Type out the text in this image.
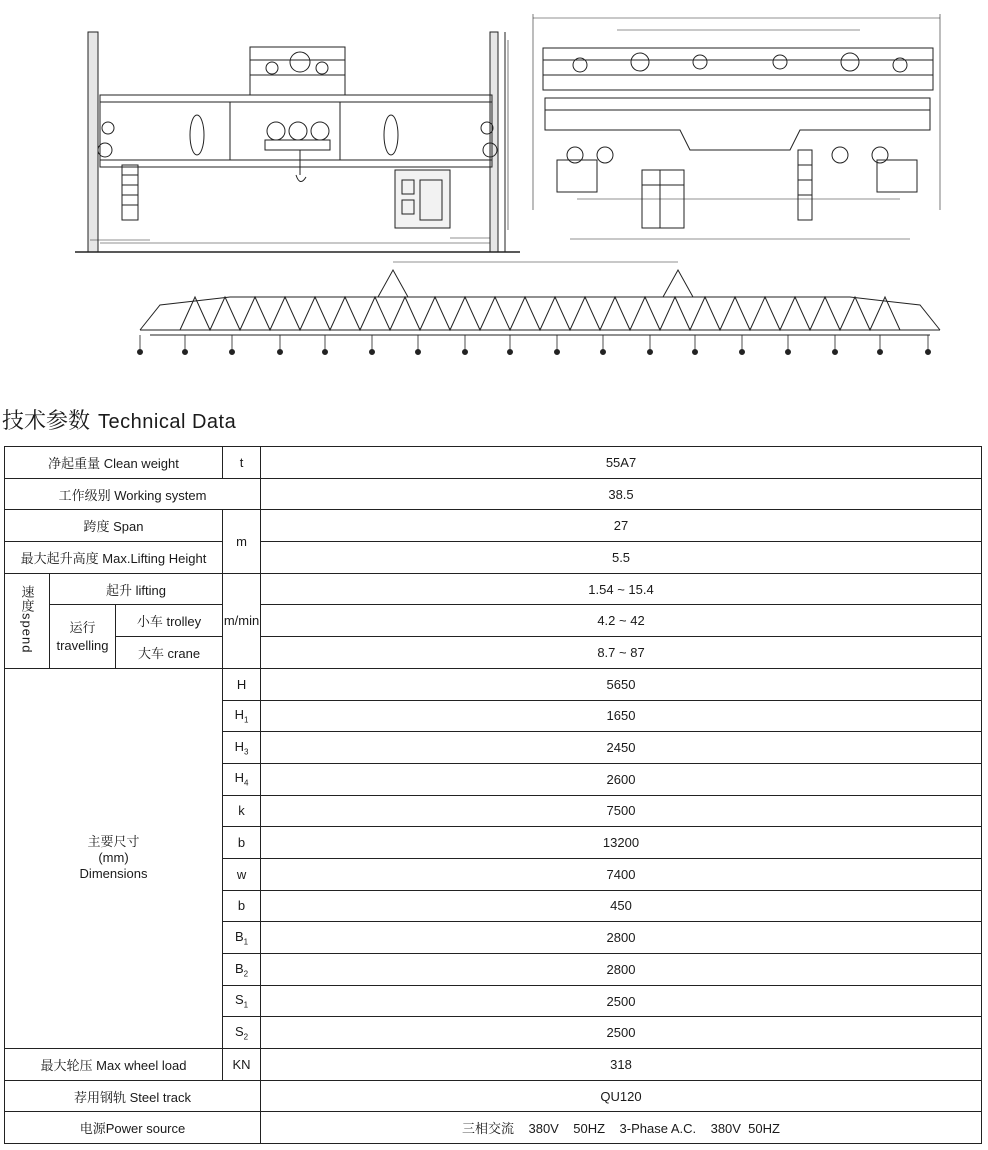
技术参数 Technical Data
净起重量 Clean weight			t	55A7
工作级别 Working system				38.5
跨度 Span			m	27
最大起升高度 Max.Lifting Height				5.5
速度spend	起升 lifting		m/min	1.54 ~ 15.4
	运行 travelling	小车 trolley		4.2 ~ 42
		大车 crane		8.7 ~ 87

主要尺寸
(mm)
Dimensions			H	5650
			$H_1$	1650
			$H_3$	2450
			$H_4$	2600
			k	7500
			b	13200
			w	7400
			b	450
			$B_1$	2800
			$B_2$	2800
			$S_1$	2500
			$S_2$	2500
最大轮压 Max wheel load			KN	318
荐用钢轨 Steel track				QU120
电源Power source				三相交流    380V    50HZ    3-Phase A.C.    380V  50HZ
